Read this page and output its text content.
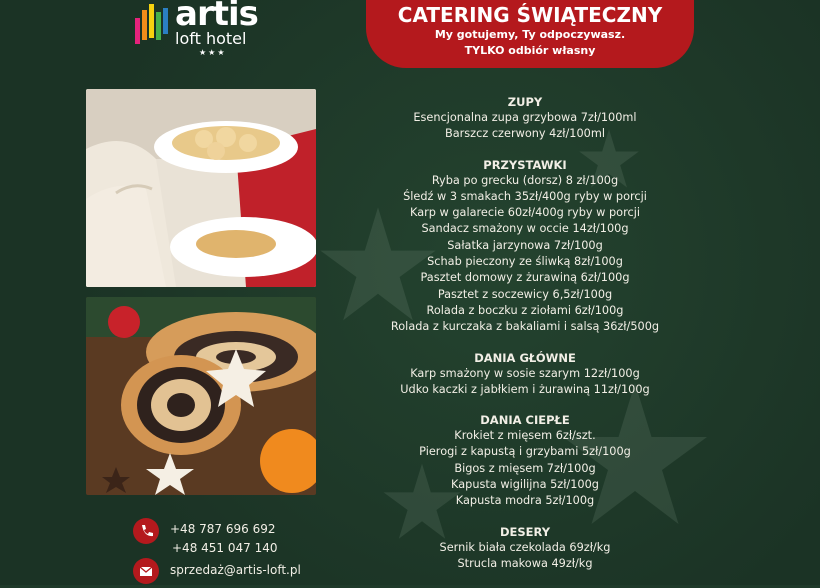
artis
loft hotel
★★★
CATERING ŚWIĄTECZNY
My gotujemy, Ty odpoczywasz.
TYLKO odbiór własny
ZUPY
Esencjonalna zupa grzybowa 7zł/100ml
Barszcz czerwony 4zł/100ml
PRZYSTAWKI
Ryba po grecku (dorsz) 8 zł/100g
Śledź w 3 smakach 35zł/400g ryby w porcji
Karp w galarecie 60zł/400g ryby w porcji
Sandacz smażony w occie 14zł/100g
Sałatka jarzynowa 7zł/100g
Schab pieczony ze śliwką 8zł/100g
Pasztet domowy z żurawiną 6zł/100g
Pasztet z soczewicy 6,5zł/100g
Rolada z boczku z ziołami 6zł/100g
Rolada z kurczaka z bakaliami i salsą 36zł/500g
DANIA GŁÓWNE
Karp smażony w sosie szarym 12zł/100g
Udko kaczki z jabłkiem i żurawiną 11zł/100g
DANIA CIEPŁE
Krokiet z mięsem 6zł/szt.
Pierogi z kapustą i grzybami 5zł/100g
Bigos z mięsem 7zł/100g
Kapusta wigilijna 5zł/100g
Kapusta modra 5zł/100g
DESERY
Sernik biała czekolada 69zł/kg
Strucla makowa 49zł/kg
+48 787 696 692
+48 451 047 140
sprzedaż@artis-loft.pl
